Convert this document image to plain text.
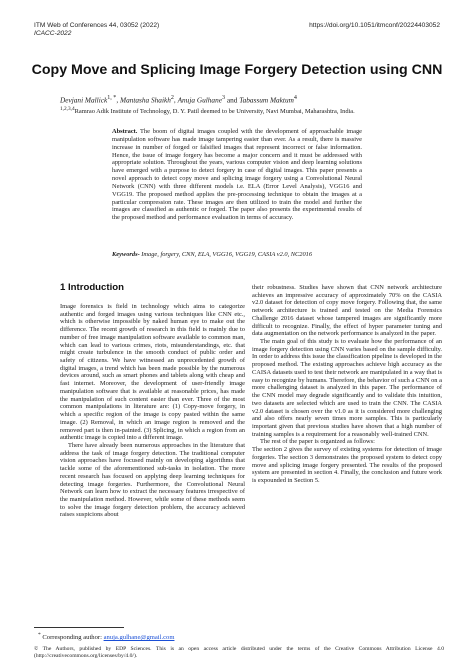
ITM Web of Conferences 44, 03052 (2022)
ICACC-2022
https://doi.org/10.1051/itmconf/20224403052
Copy Move and Splicing Image Forgery Detection using CNN
Devjani Mallick$^{1, *}$, Mantasha Shaikh$^2$, Anuja Gulhane$^3$ and Tabassum Maktum$^4$
$^{1,2,3,4}$Ramrao Adik Institute of Technology, D. Y. Patil deemed to be University, Navi Mumbai, Maharashtra, India.

Abstract. The boom of digital images coupled with the development of approachable image manipulation software has made image tampering easier than ever. As a result, there is massive increase in number of forged or falsified images that represent incorrect or false information. Hence, the issue of image forgery has become a major concern and it must be addressed with appropriate solution. Throughout the years, various computer vision and deep learning solutions have emerged with a purpose to detect forgery in case of digital images. This paper presents a novel approach to detect copy move and splicing image forgery using a Convolutional Neural Network (CNN) with three different models i.e. ELA (Error Level Analysis), VGG16 and VGG19. The proposed method applies the pre-processing technique to obtain the images at a particular compression rate. These images are then utilized to train the model and further the images are classified as authentic or forged. The paper also presents the experimental results of the proposed method and performance evaluation in terms of accuracy.

Keywords- Image, forgery, CNN, ELA, VGG16, VGG19, CASIA v2.0, NC2016

1 Introduction

Image forensics is field in technology which aims to categorize authentic and forged images using various techniques like CNN etc., which is otherwise impossible by naked human eye to make out the difference. The recent growth of research in this field is mainly due to number of free image manipulation software available to common man, which can lead to various crimes, riots, misunderstandings, etc. that might create turbulence in the smooth conduct of public order and safety of citizens. We have witnessed an unprecedented growth of digital images, a trend which has been made possible by the numerous devices around, such as smart phones and tablets along with cheap and fast internet. Moreover, the development of user-friendly image manipulation software that is available at reasonable prices, has made the manipulation of such content easier than ever. Three of the most common manipulations in literature are: (1) Copy-move forgery, in which a specific region of the image is copy pasted within the same image. (2) Removal, in which an image region is removed and the removed part is then in-painted. (3) Splicing, in which a region from an authentic image is copied into a different image.

There have already been numerous approaches in the literature that address the task of image forgery detection. The traditional computer vision approaches have focused mainly on developing algorithms that tackle some of the aforementioned sub-tasks in isolation. The more recent research has focused on applying deep learning techniques for detecting image forgeries. Furthermore, the Convolutional Neural Network can learn how to extract the necessary features irrespective of the manipulation method. However, while some of these methods seem to solve the image forgery detection problem, the accuracy achieved raises suspicions about

their robustness. Studies have shown that CNN network architecture achieves an impressive accuracy of approximately 70% on the CASIA v2.0 dataset for detection of copy move forgery. Following that, the same network architecture is trained and tested on the Media Forensics Challenge 2016 dataset whose tampered images are significantly more difficult to recognize. Finally, the effect of hyper parameter tuning and data augmentation on the network performance is analyzed in the paper.

The main goal of this study is to evaluate how the performance of an image forgery detection using CNN varies based on the sample difficulty. In order to address this issue the classification pipeline is developed in the proposed method. The existing approaches achieve high accuracy as the CAISA datasets used to test their network are manipulated in a way that is easy to recognize by humans. Therefore, the behavior of such a CNN on a more challenging dataset is analyzed in this paper. The performance of the CNN model may degrade significantly and to validate this intuition, two datasets are selected which are used to train the CNN. The CASIA v2.0 dataset is chosen over the v1.0 as it is considered more challenging and also offers nearly seven times more samples. This is particularly important given that previous studies have shown that a high number of training samples is a requirement for a reasonably well-trained CNN.

The rest of the paper is organized as follows:

The section 2 gives the survey of existing systems for detection of image forgeries. The section 3 demonstrates the proposed system to detect copy move and splicing image forgery presented. The results of the proposed system are presented in section 4. Finally, the conclusion and future work is expounded in Section 5.

* Corresponding author: anuja.gulhane@gmail.com

© The Authors, published by EDP Sciences. This is an open access article distributed under the terms of the Creative Commons Attribution License 4.0 (http://creativecommons.org/licenses/by/4.0/).
